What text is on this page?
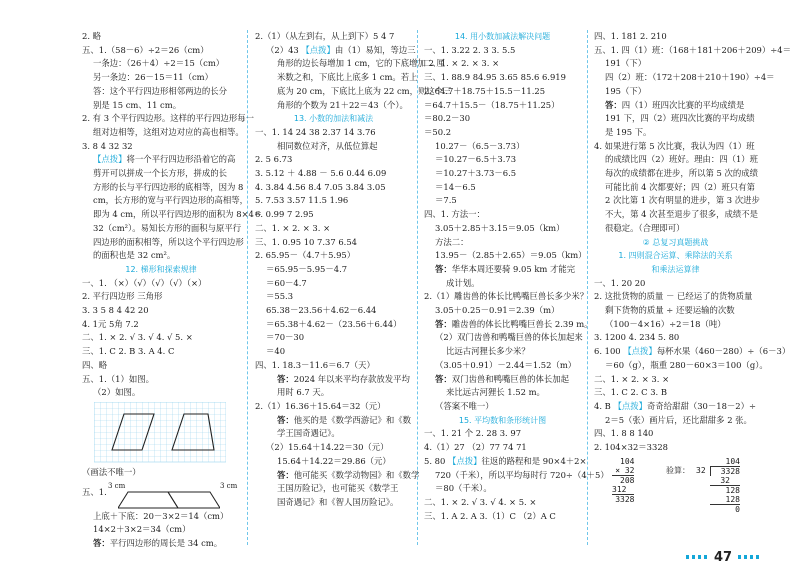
2. 略
五、1.（58－6）÷2＝26（cm）
一条边：（26＋4）÷2＝15（cm）
另一条边：26－15＝11（cm）
答：这个平行四边形相邻两边的长分
别是 15 cm、11 cm。
2. 有 3 个平行四边形。这样的平行四边形每一
组对边相等，这组对边对应的高也相等。
3. 8 4 32 32
【点拨】将一个平行四边形沿着它的高
剪开可以拼成一个长方形，拼成的长
方形的长与平行四边形的底相等，因为 8
cm，长方形的宽与平行四边形的高相等，
即为 4 cm，所以平行四边形的面积为 8×4＝
32（cm²）。易知长方形的面积与原平行
四边形的面积相等，所以这个平行四边形
的面积也是 32 cm²。
12. 梯形和探索规律
一、1. （×）（√）（√）（√）（×）
2. 平行四边形 三角形
3. 3 5 8 4 42 20
4. 1元 5角 7.2
二、1. × 2. √ 3. √ 4. √ 5. ×
三、1. C 2. B 3. A 4. C
四、略
五、1.（1）如图。
（2）如图。
（画法不唯一）
五、1.
3 cm	3 cm
上底＋下底：20－3×2＝14（cm）
14×2＋3×2＝34（cm）
答：平行四边形的周长是 34 cm。
2.（1）（从左到右，从上到下）5 4 7
（2）43 【点拨】由（1）易知，等边三
角形的边长每增加 1 cm，它的下底增加 2 厘
米数之和，下底比上底多 1 cm。若上
底为 20 cm，下底比上底为 22 cm，则这个三
角形的个数为 21＋22＝43（个）。
13. 小数的加法和减法
一、1. 14 24 38 2.37 14 3.76
相同数位对齐，从低位算起
2. 5 6.73
3. 5.12 ＋ 4.88 － 5.6 0.44 6.09
4. 3.84 4.56 8.4 7.05 3.84 3.05
5. 7.53 3.57 11.5 1.96
6. 0.99 7 2.95
二、1. × 2. × 3. ×
三、1. 0.95 10 7.37 6.54
2. 65.95－（4.7＋5.95）
＝65.95－5.95－4.7
＝60－4.7
＝55.3
65.38－23.56＋4.62－6.44
＝65.38＋4.62－（23.56＋6.44）
＝70－30
＝40
四、1. 18.3－11.6＝6.7（天）
答：2024 年以来平均存款放发平均
用时 6.7 天。
2.（1）16.36＋15.64＝32（元）
答：他买的是《数学西游记》和《数
学王国奇遇记》。
（2）15.64＋14.22＝30（元）
15.64＋14.22＝29.86（元）
答：他可能买《数学动物园》和《数学
王国历险记》，也可能买《数学王
国奇遇记》和《智人国历险记》。
14. 用小数加减法解决问题
一、1. 3.22 2. 3 3. 5.5
二、1. × 2. × 3. ×
三、1. 88.9 84.95 3.65 85.6 6.919
2. 64.7＋18.75＋15.5－11.25
＝64.7＋15.5－（18.75＋11.25）
＝80.2－30
＝50.2
10.27－（6.5－3.73）
＝10.27－6.5＋3.73
＝10.27＋3.73－6.5
＝14－6.5
＝7.5
四、1. 方法一：
3.05＋2.85＋3.15＝9.05（km）
方法二：
13.95－（2.85＋2.65）＝9.05（km）
答：华华本周还要骑 9.05 km 才能完
成计划。
2.（1）雕齿兽的体长比鸭嘴巨兽长多少米？
3.05＋0.25－0.91＝2.39（m）
答：雕齿兽的体长比鸭嘴巨兽长 2.39 m。
（2）双门齿兽和鸭嘴巨兽的体长加起来
比远古河狸长多少米？
（3.05＋0.91）－2.44＝1.52（m）
答：双门齿兽和鸭嘴巨兽的体长加起
来比远古河狸长 1.52 m。
（答案不唯一）
15. 平均数和条形统计图
一、1. 21 个 2. 28 3. 97
4.（1）27 （2）77 74 71
5. 80 【点拨】往返的路程和是 90×4＋2×
720（千米），所以平均每时行 720÷（4＋5）
＝80（千米）。
二、1. × 2. √ 3. √ 4. × 5. ×
三、1. A 2. A 3.（1）C （2）A C
四、1. 181 2. 210
五、1. 四（1）班：（168＋181＋206＋209）÷4＝
191（下）
四（2）班：（172＋208＋210＋190）÷4＝
195（下）
答：四（1）班四次比赛的平均成绩是
191 下，四（2）班四次比赛的平均成绩
是 195 下。
4. 如果进行第 5 次比赛，我认为四（1）班
的成绩比四（2）班好。理由：四（1）班
每次的成绩都在进步，所以第 5 次的成绩
可能比前 4 次都要好；四（2）班只有第
2 次比第 1 次有明显的进步，第 3 次进步
不大，第 4 次甚至退步了很多，成绩不是
很稳定。（合理即可）
② 总复习真题挑战
1. 四则混合运算、乘除法的关系
和乘法运算律
一、1. 20 20
2. 这批货物的质量 － 已经运了的货物质量
剩下货物的质量 ÷ 还要运输的次数
（100－4×16）÷2＝18（吨）
3. 1200 4. 234 5. 80
6. 100 【点拨】每杯水果（460－280）÷（6－3）
＝60（g），瓶重 280－60×3＝100（g）。
二、1. × 2. × 3. ×
三、1. C 2. C 3. B
4. B 【点拨】奇奇给甜甜（30－18－2）÷
2＝5（张）画片后，还比甜甜多 2 张。
四、1. 8 8 140
2. 104×32＝3328
104
× 32
208
312
3328
验算： 32
104
3328
32
128
128
0
47
